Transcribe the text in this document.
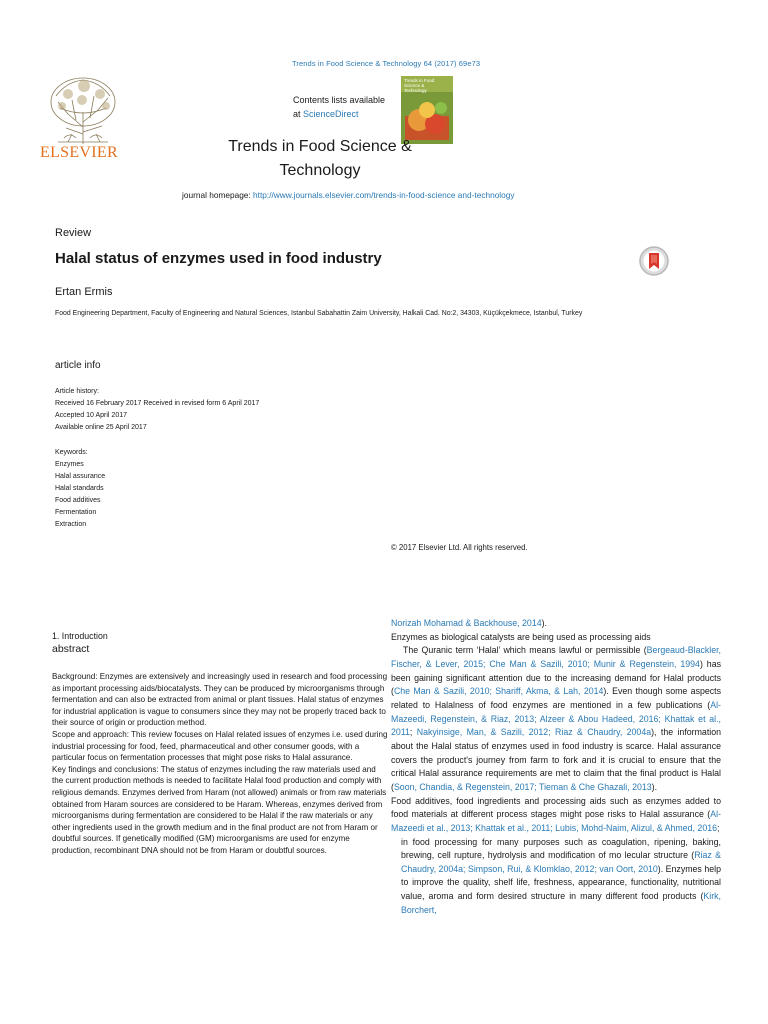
Trends in Food Science & Technology 64 (2017) 69e73
ELSEVIER
Contents lists available
at ScienceDirect
Trends in Food Science & Technology
Trends in Food Science &
Technology
journal homepage: http://www.journals.elsevier.com/trends-in-food-science and-technology
Review
Halal status of enzymes used in food industry
Ertan Ermis
Food Engineering Department, Faculty of Engineering and Natural Sciences, Istanbul Sabahattin Zaim University, Halkali Cad. No:2, 34303, Küçükçekmece, Istanbul, Turkey
article info
Article history:
Received 16 February 2017 Received in revised form 6 April 2017
Accepted 10 April 2017
Available online 25 April 2017
Keywords:
Enzymes
Halal assurance
Halal standards
Food additives
Fermentation
Extraction
© 2017 Elsevier Ltd. All rights reserved.
1. Introduction
abstract

Background: Enzymes are extensively and increasingly used in research and food processing as important processing aids/biocatalysts. They can be produced by microorganisms through fermentation and can also be extracted from animal or plant tissues. Halal status of enzymes for industrial application is vague to consumers since they may not be properly traced back to their source of origin or production method.

Scope and approach: This review focuses on Halal related issues of enzymes i.e. used during industrial processing for food, feed, pharmaceutical and other consumer goods, with a particular focus on fermentation processes that might pose risks to Halal assurance.

Key findings and conclusions: The status of enzymes including the raw materials used and the current production methods is needed to facilitate Halal food production and comply with religious demands. Enzymes derived from Haram (not allowed) animals or from raw materials obtained from Haram sources are considered to be Haram. Whereas, enzymes derived from microorganisms during fermentation are considered to be Halal if the raw materials or any other ingredients used in the growth medium and in the final product are not from Haram or doubtful sources. If genetically modified (GM) microorganisms are used for enzyme production, recombinant DNA should not be from Haram or doubtful sources.

Norizah Mohamad & Backhouse, 2014).

Enzymes as biological catalysts are being used as processing aids

The Quranic term ‘Halal’ which means lawful or permissible (Bergeaud-Blackler, Fischer, & Lever, 2015; Che Man & Sazili, 2010; Munir & Regenstein, 1994) has been gaining significant attention due to the increasing demand for Halal products (Che Man & Sazili, 2010; Shariff, Akma, & Lah, 2014). Even though some aspects related to Halalness of food enzymes are mentioned in a few publications (Al-Mazeedi, Regenstein, & Riaz, 2013; Alzeer & Abou Hadeed, 2016; Khattak et al., 2011; Nakyinsige, Man, & Sazili, 2012; Riaz & Chaudry, 2004a), the information about the Halal status of enzymes used in food industry is scarce. Halal assurance covers the product's journey from farm to fork and it is crucial to ensure that the critical Halal assurance requirements are met to claim that the final product is Halal (Soon, Chandia, & Regenstein, 2017; Tieman & Che Ghazali, 2013).

Food additives, food ingredients and processing aids such as enzymes added to food materials at different process stages might pose risks to Halal assurance (Al-Mazeedi et al., 2013; Khattak et al., 2011; Lubis, Mohd-Naim, Alizul, & Ahmed, 2016;

in food processing for many purposes such as coagulation, ripening, baking, brewing, cell rupture, hydrolysis and modification of mo lecular structure (Riaz & Chaudry, 2004a; Simpson, Rui, & Klomklao, 2012; van Oort, 2010). Enzymes help to improve the quality, shelf life, freshness, appearance, functionality, nutritional value, aroma and form desired structure in many different food products (Kirk, Borchert,
